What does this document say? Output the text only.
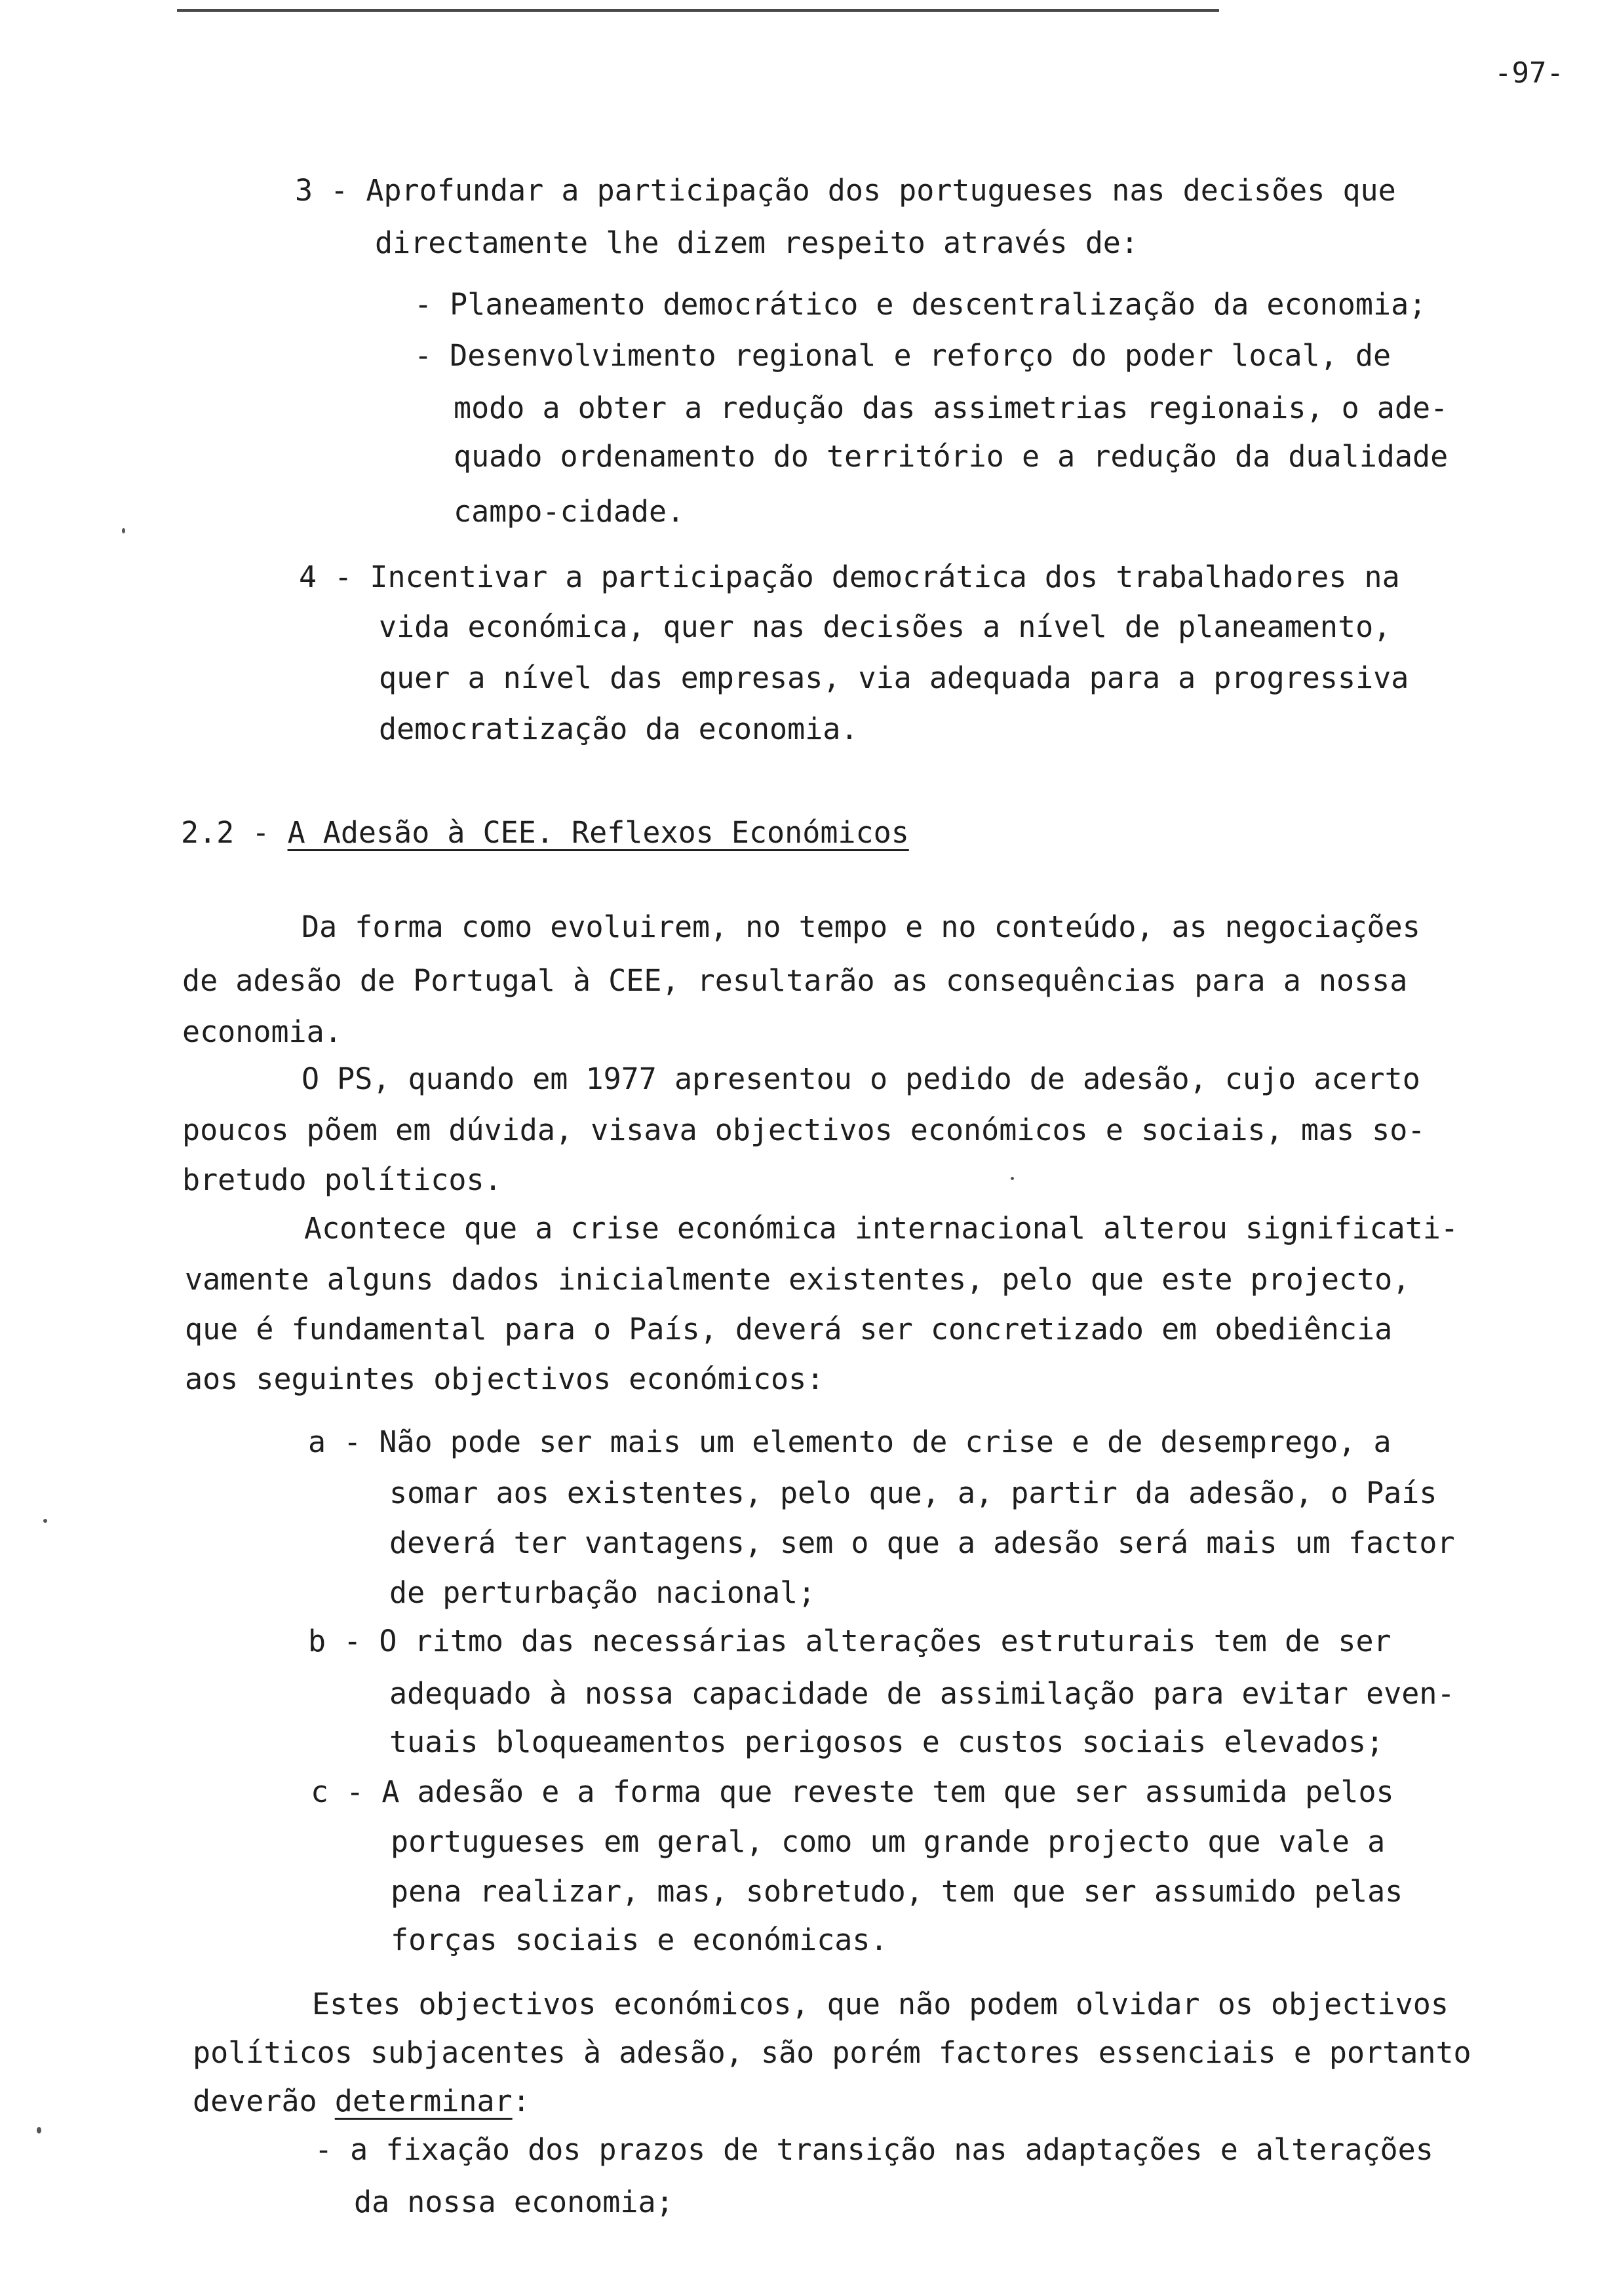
-97-
3 - Aprofundar a participação dos portugueses nas decisões que
directamente lhe dizem respeito através de:
- Planeamento democrático e descentralização da economia;
- Desenvolvimento regional e reforço do poder local, de
modo a obter a redução das assimetrias regionais, o ade-
quado ordenamento do território e a redução da dualidade
campo-cidade.
4 - Incentivar a participação democrática dos trabalhadores na
vida económica, quer nas decisões a nível de planeamento,
quer a nível das empresas, via adequada para a progressiva
democratização da economia.
2.2 - A Adesão à CEE. Reflexos Económicos
Da forma como evoluirem, no tempo e no conteúdo, as negociações
de adesão de Portugal à CEE, resultarão as consequências para a nossa
economia.
O PS, quando em 1977 apresentou o pedido de adesão, cujo acerto
poucos põem em dúvida, visava objectivos económicos e sociais, mas so-
bretudo políticos.
Acontece que a crise económica internacional alterou significati-
vamente alguns dados inicialmente existentes, pelo que este projecto,
que é fundamental para o País, deverá ser concretizado em obediência
aos seguintes objectivos económicos:
a - Não pode ser mais um elemento de crise e de desemprego, a
somar aos existentes, pelo que, a, partir da adesão, o País
deverá ter vantagens, sem o que a adesão será mais um factor
de perturbação nacional;
b - O ritmo das necessárias alterações estruturais tem de ser
adequado à nossa capacidade de assimilação para evitar even-
tuais bloqueamentos perigosos e custos sociais elevados;
c - A adesão e a forma que reveste tem que ser assumida pelos
portugueses em geral, como um grande projecto que vale a
pena realizar, mas, sobretudo, tem que ser assumido pelas
forças sociais e económicas.
Estes objectivos económicos, que não podem olvidar os objectivos
políticos subjacentes à adesão, são porém factores essenciais e portanto
deverão determinar:
- a fixação dos prazos de transição nas adaptações e alterações
da nossa economia;
